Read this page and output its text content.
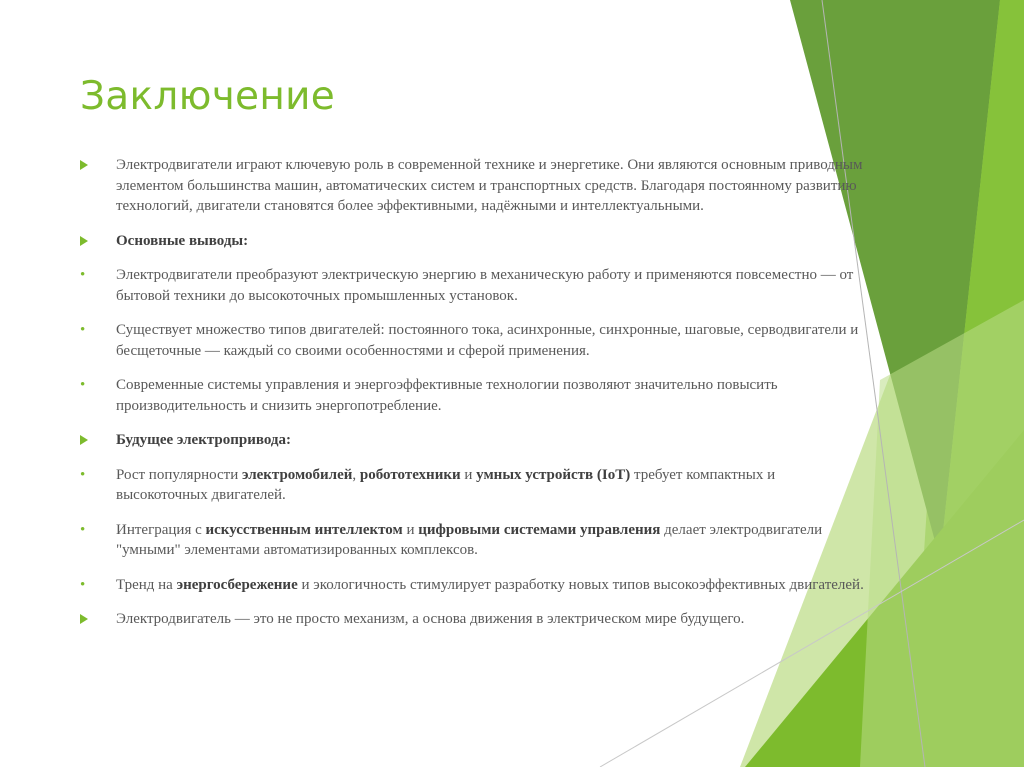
Заключение
Электродвигатели играют ключевую роль в современной технике и энергетике. Они являются основным приводным элементом большинства машин, автоматических систем и транспортных средств. Благодаря постоянному развитию технологий, двигатели становятся более эффективными, надёжными и интеллектуальными.
Основные выводы:
• Электродвигатели преобразуют электрическую энергию в механическую работу и применяются повсеместно — от бытовой техники до высокоточных промышленных установок.
• Существует множество типов двигателей: постоянного тока, асинхронные, синхронные, шаговые, серводвигатели и бесщеточные — каждый со своими особенностями и сферой применения.
• Современные системы управления и энергоэффективные технологии позволяют значительно повысить производительность и снизить энергопотребление.
Будущее электропривода:
• Рост популярности электромобилей, робототехники и умных устройств (IoT) требует компактных и высокоточных двигателей.
• Интеграция с искусственным интеллектом и цифровыми системами управления делает электродвигатели "умными" элементами автоматизированных комплексов.
• Тренд на энергосбережение и экологичность стимулирует разработку новых типов высокоэффективных двигателей.
Электродвигатель — это не просто механизм, а основа движения в электрическом мире будущего.
